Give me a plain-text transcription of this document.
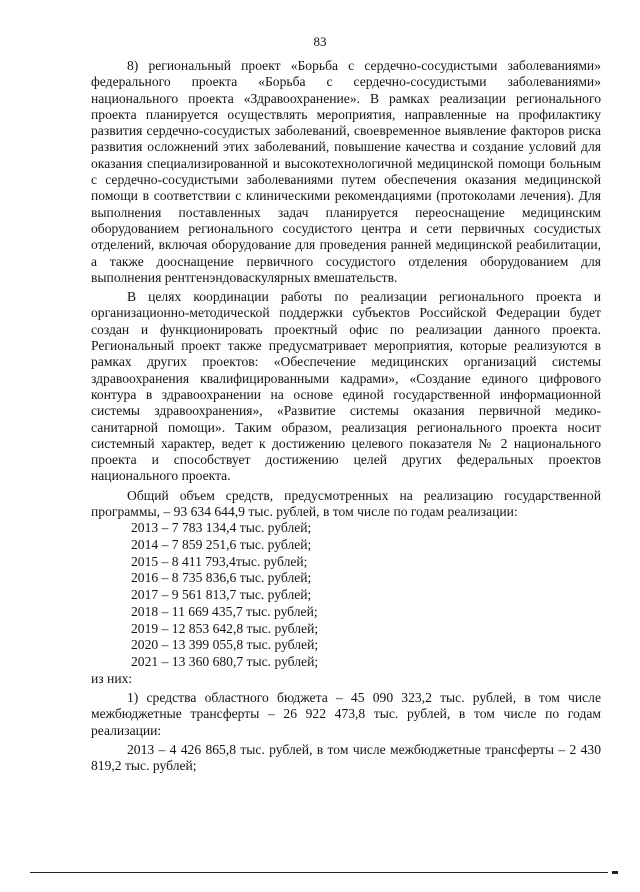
83

8) региональный проект «Борьба с сердечно-сосудистыми заболеваниями» федерального проекта «Борьба с сердечно-сосудистыми заболеваниями» национального проекта «Здравоохранение». В рамках реализации регионального проекта планируется осуществлять мероприятия, направленные на профилактику развития сердечно-сосудистых заболеваний, своевременное выявление факторов риска развития осложнений этих заболеваний, повышение качества и создание условий для оказания специализированной и высокотехнологичной медицинской помощи больным с сердечно-сосудистыми заболеваниями путем обеспечения оказания медицинской помощи в соответствии с клиническими рекомендациями (протоколами лечения). Для выполнения поставленных задач планируется переоснащение медицинским оборудованием регионального сосудистого центра и сети первичных сосудистых отделений, включая оборудование для проведения ранней медицинской реабилитации, а также дооснащение первичного сосудистого отделения оборудованием для выполнения рентгенэндоваскулярных вмешательств.

В целях координации работы по реализации регионального проекта и организационно-методической поддержки субъектов Российской Федерации будет создан и функционировать проектный офис по реализации данного проекта. Региональный проект также предусматривает мероприятия, которые реализуются в рамках других проектов: «Обеспечение медицинских организаций системы здравоохранения квалифицированными кадрами», «Создание единого цифрового контура в здравоохранении на основе единой государственной информационной системы здравоохранения», «Развитие системы оказания первичной медико-санитарной помощи». Таким образом, реализация регионального проекта носит системный характер, ведет к достижению целевого показателя № 2 национального проекта и способствует достижению целей других федеральных проектов национального проекта.

Общий объем средств, предусмотренных на реализацию государственной программы, – 93 634 644,9 тыс. рублей, в том числе по годам реализации:

2013 – 7 783 134,4 тыс. рублей;
2014 – 7 859 251,6 тыс. рублей;
2015 – 8 411 793,4тыс. рублей;
2016 – 8 735 836,6 тыс. рублей;
2017 – 9 561 813,7 тыс. рублей;
2018 – 11 669 435,7 тыс. рублей;
2019 – 12 853 642,8 тыс. рублей;
2020 – 13 399 055,8 тыс. рублей;
2021 – 13 360 680,7 тыс. рублей;

из них:

1) средства областного бюджета – 45 090 323,2 тыс. рублей, в том числе межбюджетные трансферты – 26 922 473,8 тыс. рублей, в том числе по годам реализации:

2013 – 4 426 865,8 тыс. рублей, в том числе межбюджетные трансферты – 2 430 819,2 тыс. рублей;
